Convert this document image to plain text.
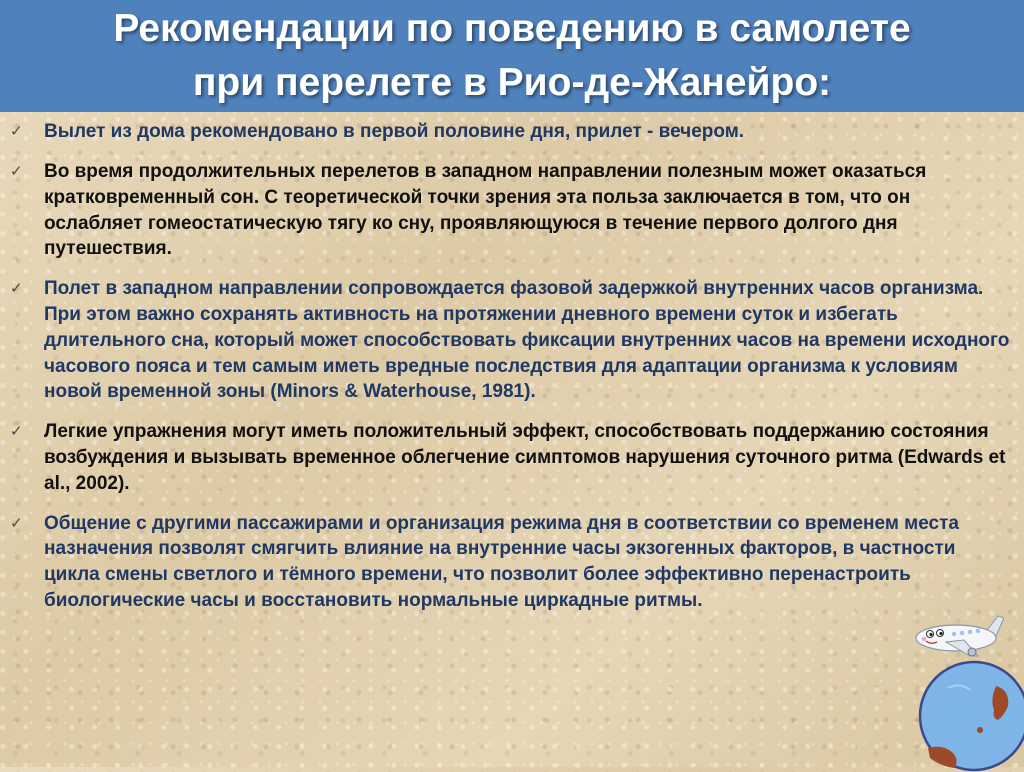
Рекомендации по поведению в самолете
при перелете в Рио-де-Жанейро:
✓	Вылет из дома рекомендовано в первой половине дня, прилет - вечером.
✓	Во время продолжительных перелетов в западном направлении полезным может оказаться кратковременный сон. С теоретической точки зрения эта польза заключается в том, что он ослабляет гомеостатическую тягу ко сну, проявляющуюся в течение первого долгого дня путешествия.
✓	Полет в западном направлении сопровождается фазовой задержкой внутренних часов организма. При этом важно сохранять активность на протяжении дневного времени суток и избегать длительного сна, который может способствовать фиксации внутренних часов на времени исходного часового пояса и тем самым иметь вредные последствия для адаптации организма к условиям новой временной зоны (Minors & Waterhouse, 1981).
✓	Легкие упражнения могут иметь положительный эффект, способствовать поддержанию состояния возбуждения и вызывать временное облегчение симптомов нарушения суточного ритма (Edwards et al., 2002).
✓	Общение с другими пассажирами и организация режима дня в соответствии со временем места назначения позволят смягчить влияние на внутренние часы экзогенных факторов, в частности цикла смены светлого и тёмного времени, что позволит более эффективно перенастроить биологические часы и восстановить нормальные циркадные ритмы.
